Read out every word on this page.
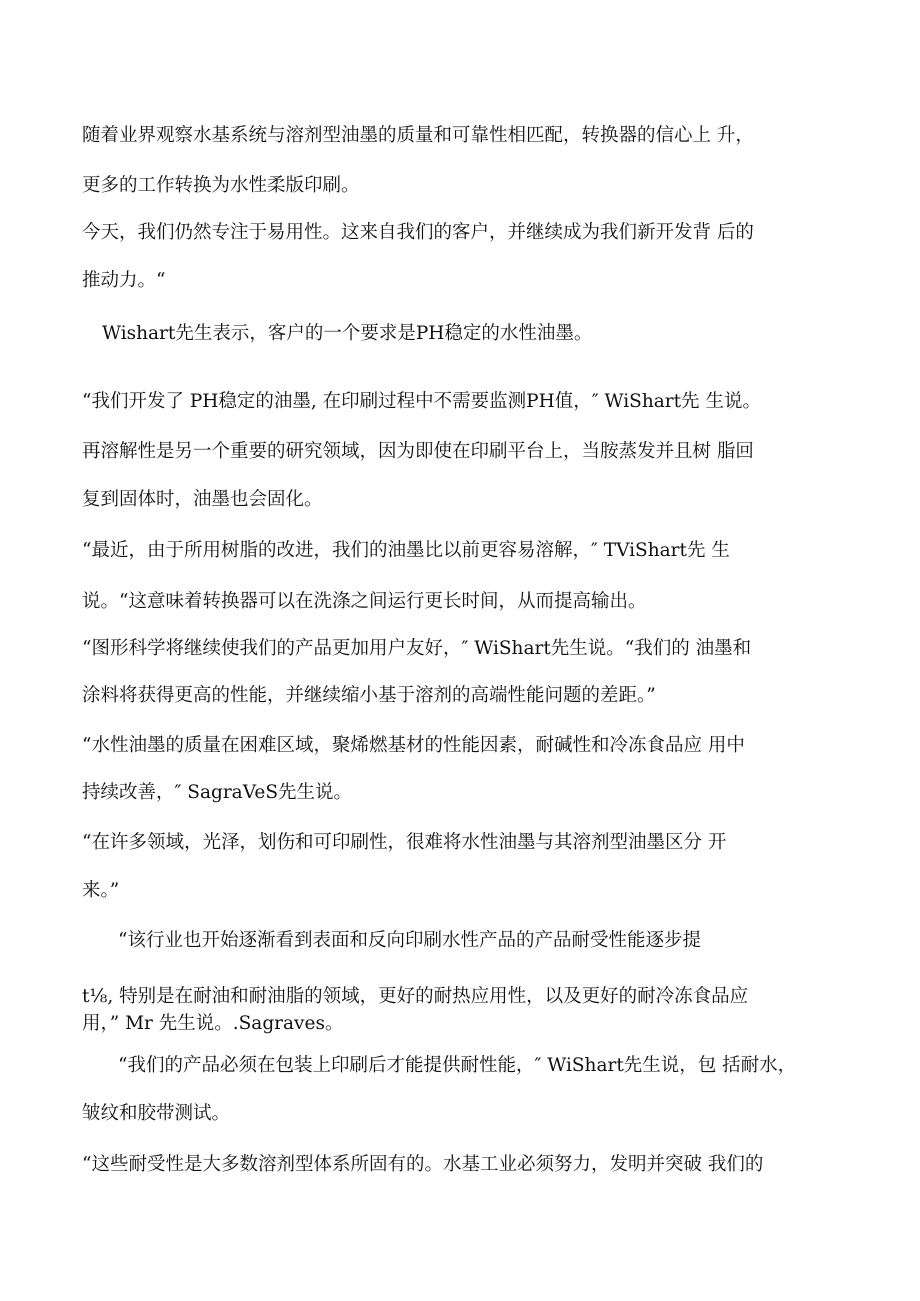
随着业界观察水基系统与溶剂型油墨的质量和可靠性相匹配，转换器的信心上 升，

更多的工作转换为水性柔版印刷。

今天，我们仍然专注于易用性。这来自我们的客户，并继续成为我们新开发背 后的

推动力。“

Wishart先生表示，客户的一个要求是PH稳定的水性油墨。

“我们开发了 PH稳定的油墨, 在印刷过程中不需要监测PH值，″ WiShart先 生说。

再溶解性是另一个重要的研究领域，因为即使在印刷平台上，当胺蒸发并且树 脂回

复到固体时，油墨也会固化。

“最近，由于所用树脂的改进，我们的油墨比以前更容易溶解，″ TViShart先 生

说。“这意味着转换器可以在洗涤之间运行更长时间，从而提高输出。

“图形科学将继续使我们的产品更加用户友好，″ WiShart先生说。“我们的 油墨和

涂料将获得更高的性能，并继续缩小基于溶剂的高端性能问题的差距。”

“水性油墨的质量在困难区域，聚烯燃基材的性能因素，耐碱性和冷冻食品应 用中

持续改善，″ SagraVeS先生说。

“在许多领域，光泽，划伤和可印刷性，很难将水性油墨与其溶剂型油墨区分 开

来。”

“该行业也开始逐渐看到表面和反向印刷水性产品的产品耐受性能逐步提

t⅛, 特别是在耐油和耐油脂的领域，更好的耐热应用性，以及更好的耐冷冻食品应

用，” Mr 先生说。.Sagraves。

“我们的产品必须在包装上印刷后才能提供耐性能，″ WiShart先生说，包 括耐水，

皱纹和胶带测试。

“这些耐受性是大多数溶剂型体系所固有的。水基工业必须努力，发明并突破 我们的
